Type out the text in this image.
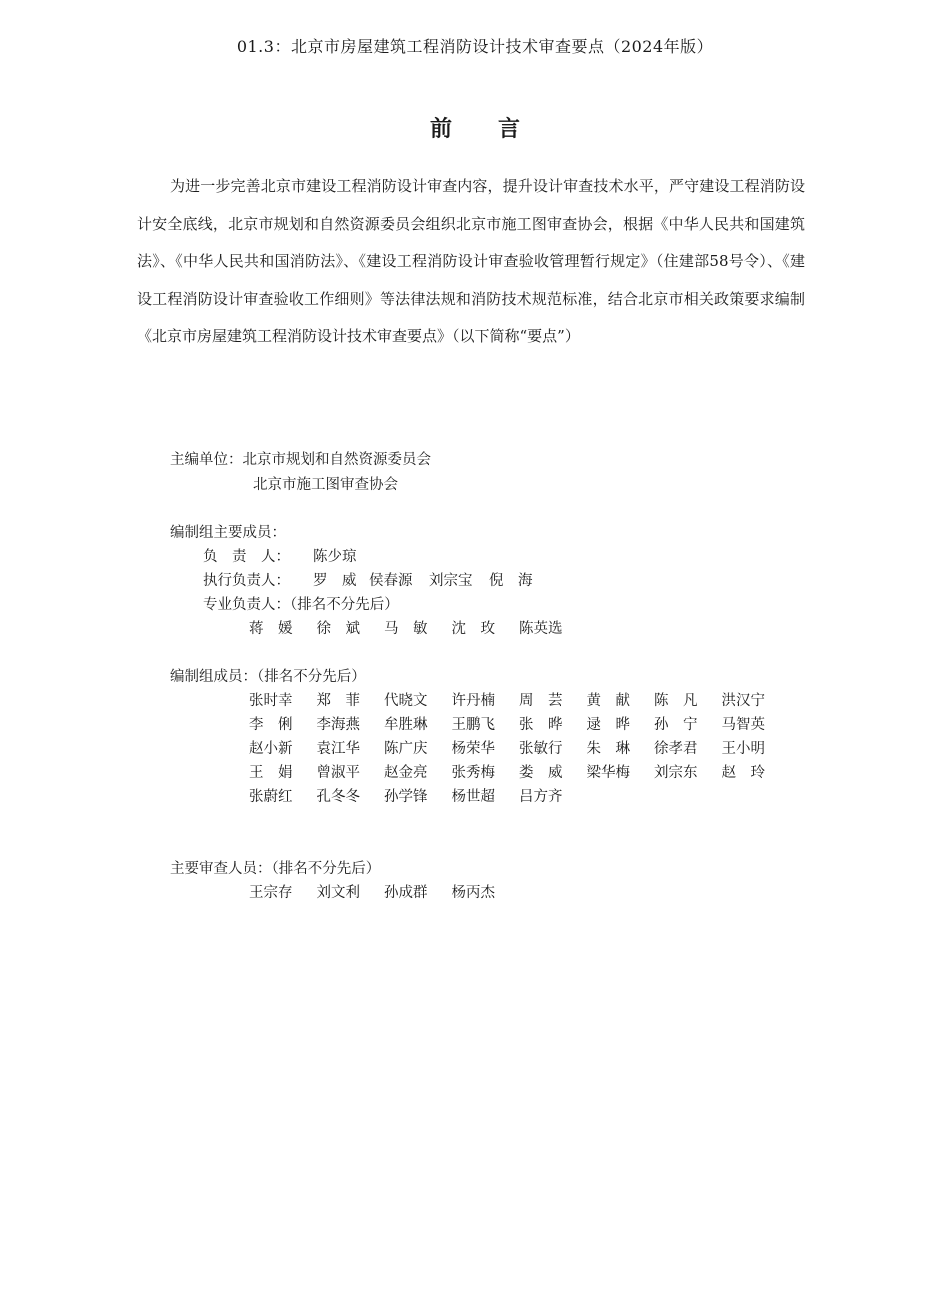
01.3：北京市房屋建筑工程消防设计技术审查要点（2024年版）
前 言

为进一步完善北京市建设工程消防设计审查内容，提升设计审查技术水平，严守建设工程消防设计安全底线，北京市规划和自然资源委员会组织北京市施工图审查协会，根据《中华人民共和国建筑法》、《中华人民共和国消防法》、《建设工程消防设计审查验收管理暂行规定》（住建部58号令）、《建设工程消防设计审查验收工作细则》等法律法规和消防技术规范标准，结合北京市相关政策要求编制《北京市房屋建筑工程消防设计技术审查要点》（以下简称“要点”）

主编单位：北京市规划和自然资源委员会
北京市施工图审查协会
编制组主要成员：
负　责　人： 陈少琼
执行负责人： 罗　威 侯春源 刘宗宝 倪　海
专业负责人：（排名不分先后）
蒋　媛 徐　斌 马　敏 沈　玫 陈英选
编制组成员：（排名不分先后）
张时幸 郑　菲 代晓文 许丹楠 周　芸 黄　献 陈　凡 洪汉宁
李　俐 李海燕 牟胜琳 王鹏飞 张　晔 逯　晔 孙　宁 马智英
赵小新 袁江华 陈广庆 杨荣华 张敏行 朱　琳 徐孝君 王小明
王　娟 曾淑平 赵金亮 张秀梅 娄　威 梁华梅 刘宗东 赵　玲
张蔚红 孔冬冬 孙学锋 杨世超 吕方齐
主要审查人员：（排名不分先后）
王宗存 刘文利 孙成群 杨丙杰
